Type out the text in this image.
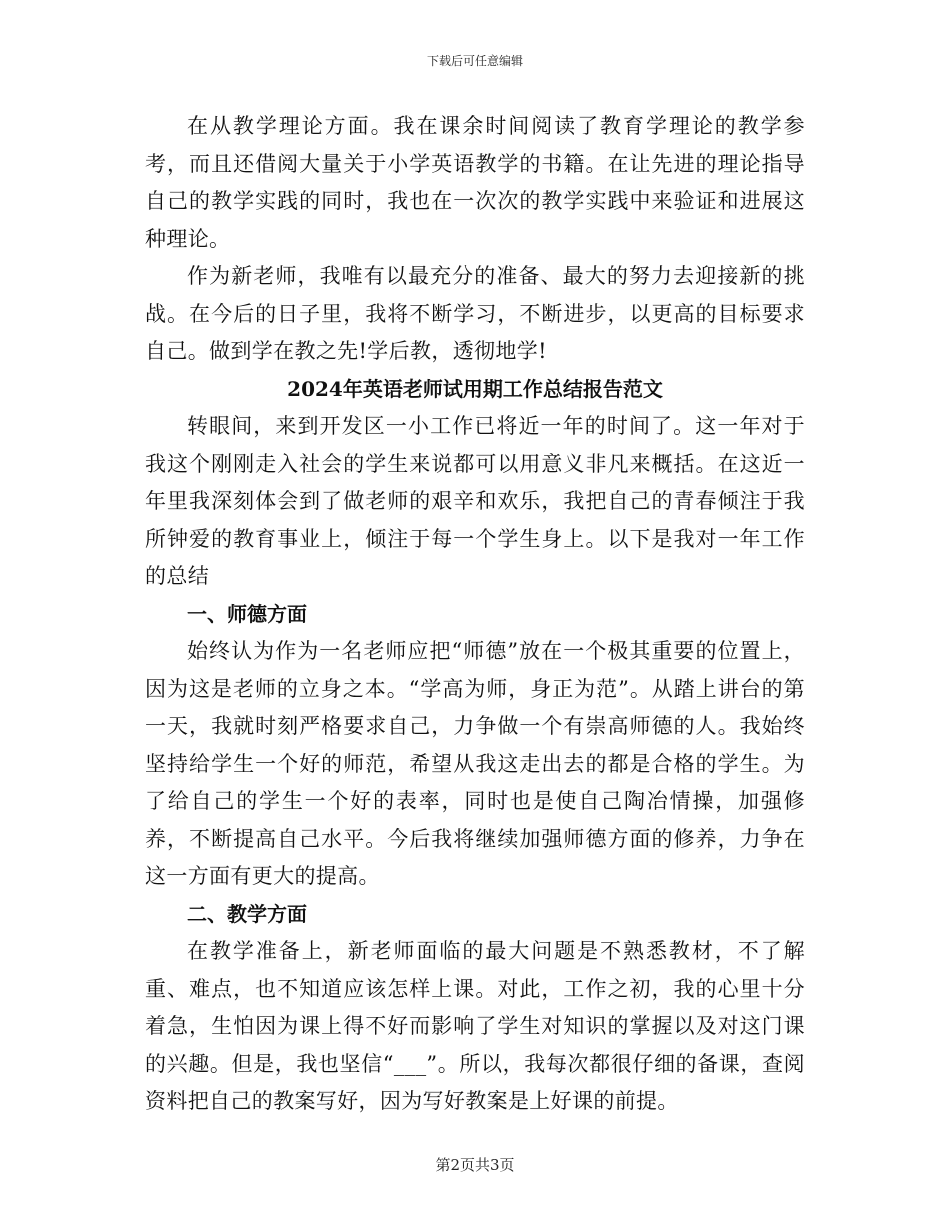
下载后可任意编辑

在从教学理论方面。我在课余时间阅读了教育学理论的教学参考，而且还借阅大量关于小学英语教学的书籍。在让先进的理论指导自己的教学实践的同时，我也在一次次的教学实践中来验证和进展这种理论。

作为新老师，我唯有以最充分的准备、最大的努力去迎接新的挑战。在今后的日子里，我将不断学习，不断进步，以更高的目标要求自己。做到学在教之先!学后教，透彻地学!

2024年英语老师试用期工作总结报告范文

转眼间，来到开发区一小工作已将近一年的时间了。这一年对于我这个刚刚走入社会的学生来说都可以用意义非凡来概括。在这近一年里我深刻体会到了做老师的艰辛和欢乐，我把自己的青春倾注于我所钟爱的教育事业上，倾注于每一个学生身上。以下是我对一年工作的总结

一、师德方面

始终认为作为一名老师应把“师德”放在一个极其重要的位置上，因为这是老师的立身之本。“学高为师，身正为范”。从踏上讲台的第一天，我就时刻严格要求自己，力争做一个有崇高师德的人。我始终坚持给学生一个好的师范，希望从我这走出去的都是合格的学生。为了给自己的学生一个好的表率，同时也是使自己陶冶情操，加强修养，不断提高自己水平。今后我将继续加强师德方面的修养，力争在这一方面有更大的提高。

二、教学方面

在教学准备上，新老师面临的最大问题是不熟悉教材，不了解重、难点，也不知道应该怎样上课。对此，工作之初，我的心里十分着急，生怕因为课上得不好而影响了学生对知识的掌握以及对这门课的兴趣。但是，我也坚信“___”。所以，我每次都很仔细的备课，查阅资料把自己的教案写好，因为写好教案是上好课的前提。

第2页共3页
